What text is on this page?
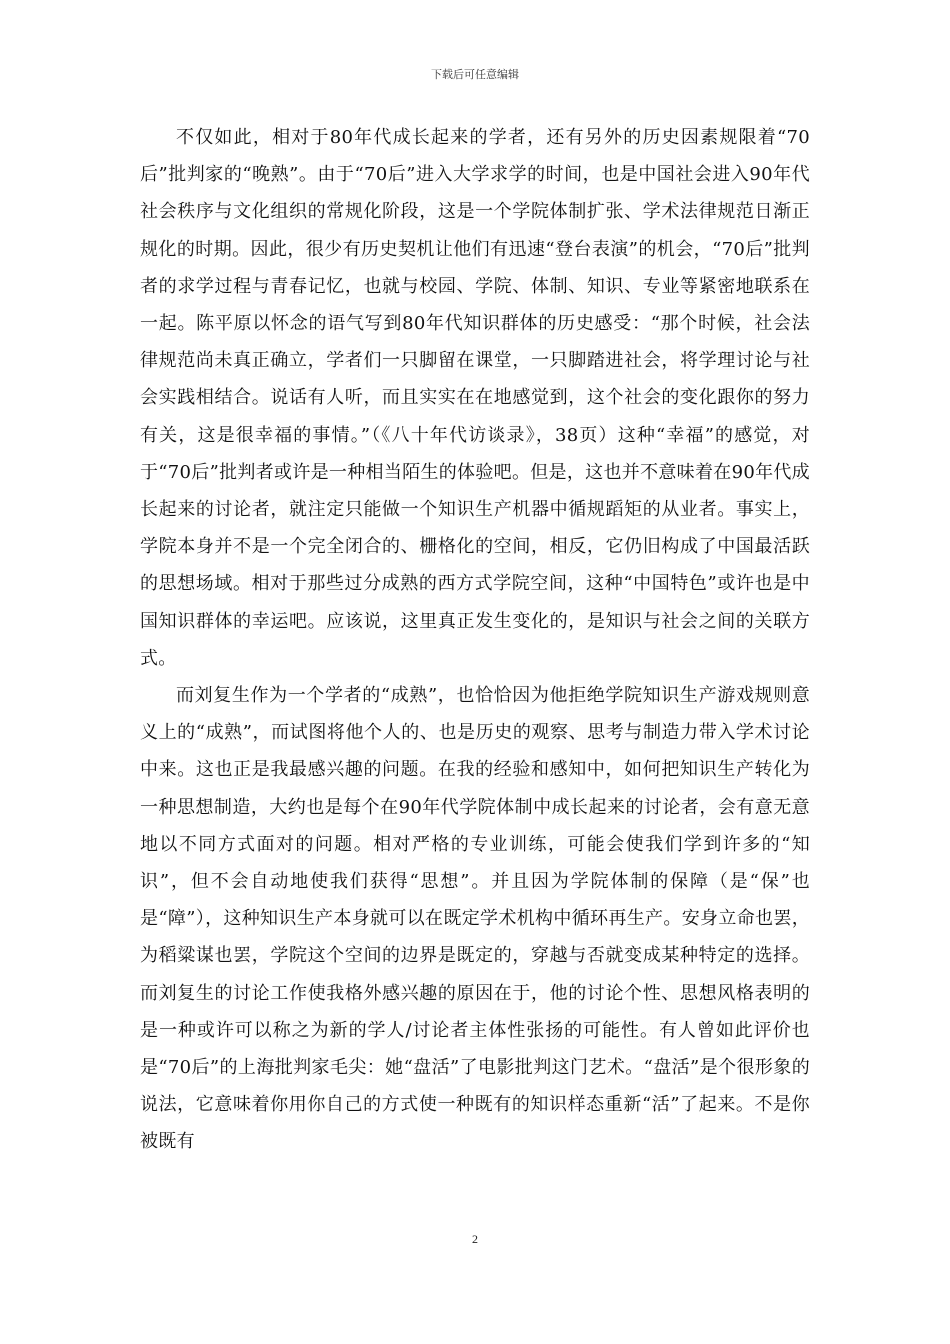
下载后可任意编辑

不仅如此，相对于80年代成长起来的学者，还有另外的历史因素规限着“70后”批判家的“晚熟”。由于“70后”进入大学求学的时间，也是中国社会进入90年代社会秩序与文化组织的常规化阶段，这是一个学院体制扩张、学术法律规范日渐正规化的时期。因此，很少有历史契机让他们有迅速“登台表演”的机会，“70后”批判者的求学过程与青春记忆，也就与校园、学院、体制、知识、专业等紧密地联系在一起。陈平原以怀念的语气写到80年代知识群体的历史感受：“那个时候，社会法律规范尚未真正确立，学者们一只脚留在课堂，一只脚踏进社会，将学理讨论与社会实践相结合。说话有人听，而且实实在在地感觉到，这个社会的变化跟你的努力有关，这是很幸福的事情。”（《八十年代访谈录》，38页）这种“幸福”的感觉，对于“70后”批判者或许是一种相当陌生的体验吧。但是，这也并不意味着在90年代成长起来的讨论者，就注定只能做一个知识生产机器中循规蹈矩的从业者。事实上，学院本身并不是一个完全闭合的、栅格化的空间，相反，它仍旧构成了中国最活跃的思想场域。相对于那些过分成熟的西方式学院空间，这种“中国特色”或许也是中国知识群体的幸运吧。应该说，这里真正发生变化的，是知识与社会之间的关联方式。

而刘复生作为一个学者的“成熟”，也恰恰因为他拒绝学院知识生产游戏规则意义上的“成熟”，而试图将他个人的、也是历史的观察、思考与制造力带入学术讨论中来。这也正是我最感兴趣的问题。在我的经验和感知中，如何把知识生产转化为一种思想制造，大约也是每个在90年代学院体制中成长起来的讨论者，会有意无意地以不同方式面对的问题。相对严格的专业训练，可能会使我们学到许多的“知识”，但不会自动地使我们获得“思想”。并且因为学院体制的保障（是“保”也是“障”），这种知识生产本身就可以在既定学术机构中循环再生产。安身立命也罢，为稻粱谋也罢，学院这个空间的边界是既定的，穿越与否就变成某种特定的选择。而刘复生的讨论工作使我格外感兴趣的原因在于，他的讨论个性、思想风格表明的是一种或许可以称之为新的学人/讨论者主体性张扬的可能性。有人曾如此评价也是“70后”的上海批判家毛尖：她“盘活”了电影批判这门艺术。“盘活”是个很形象的说法，它意味着你用你自己的方式使一种既有的知识样态重新“活”了起来。不是你被既有

2
